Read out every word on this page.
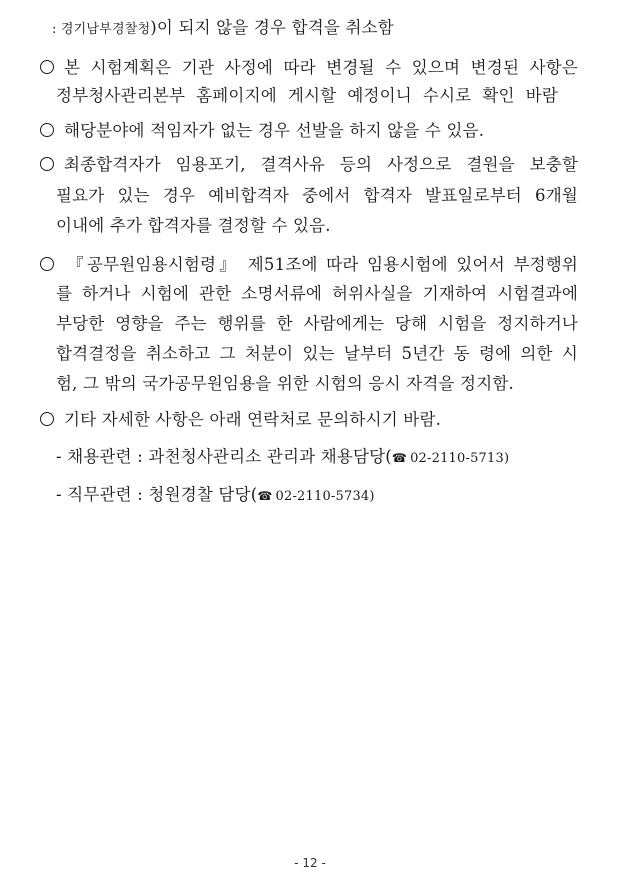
: 경기남부경찰청)이 되지 않을 경우 합격을 취소함
본 시험계획은 기관 사정에 따라 변경될 수 있으며 변경된 사항은
정부청사관리본부 홈페이지에 게시할 예정이니 수시로 확인 바람
해당분야에 적임자가 없는 경우 선발을 하지 않을 수 있음.
최종합격자가 임용포기, 결격사유 등의 사정으로 결원을 보충할
필요가 있는 경우 예비합격자 중에서 합격자 발표일로부터 6개월
이내에 추가 합격자를 결정할 수 있음.
『공무원임용시험령』 제51조에 따라 임용시험에 있어서 부정행위
를 하거나 시험에 관한 소명서류에 허위사실을 기재하여 시험결과에
부당한 영향을 주는 행위를 한 사람에게는 당해 시험을 정지하거나
합격결정을 취소하고 그 처분이 있는 날부터 5년간 동 령에 의한 시
험, 그 밖의 국가공무원임용을 위한 시험의 응시 자격을 정지함.
기타 자세한 사항은 아래 연락처로 문의하시기 바람.
- 채용관련 : 과천청사관리소 관리과 채용담당(☎ 02-2110-5713)
- 직무관련 : 청원경찰 담당(☎ 02-2110-5734)
- 12 -
